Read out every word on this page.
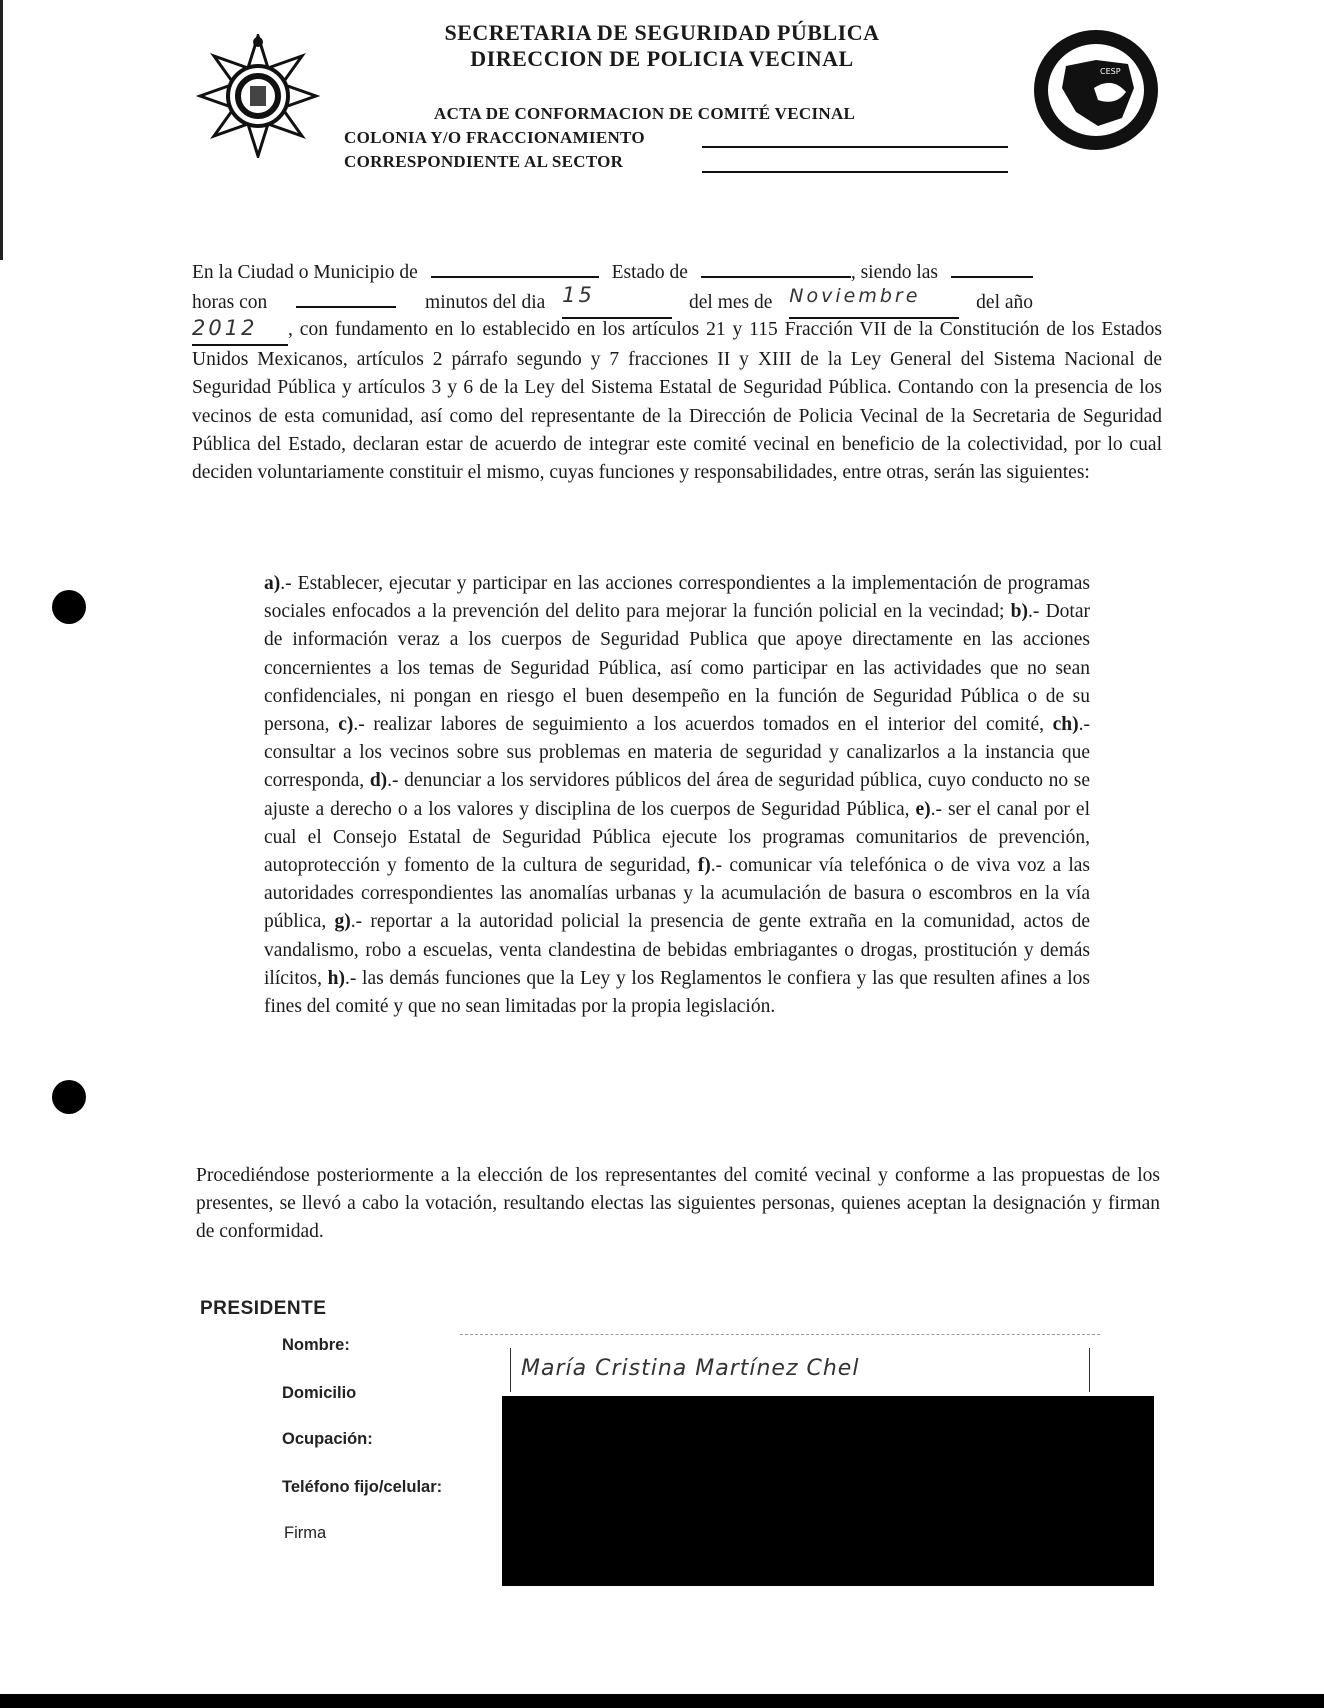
CESP
SECRETARIA DE SEGURIDAD PÚBLICA
DIRECCION DE POLICIA VECINAL
ACTA DE CONFORMACION DE COMITÉ VECINAL
COLONIA Y/O FRACCIONAMIENTO
CORRESPONDIENTE AL SECTOR
En la Ciudad o Municipio de	Estado de	, siendo las
horas con	minutos del dia 15	del mes de Noviembre	del año
2012 , con fundamento en lo establecido en los artículos 21 y 115 Fracción VII de la Constitución de los Estados Unidos Mexicanos, artículos 2 párrafo segundo y 7 fracciones II y XIII de la Ley General del Sistema Nacional de Seguridad Pública y artículos 3 y 6 de la Ley del Sistema Estatal de Seguridad Pública. Contando con la presencia de los vecinos de esta comunidad, así como del representante de la Dirección de Policia Vecinal de la Secretaria de Seguridad Pública del Estado, declaran estar de acuerdo de integrar este comité vecinal en beneficio de la colectividad, por lo cual deciden voluntariamente constituir el mismo, cuyas funciones y responsabilidades, entre otras, serán las siguientes:
a).- Establecer, ejecutar y participar en las acciones correspondientes a la implementación de programas sociales enfocados a la prevención del delito para mejorar la función policial en la vecindad; b).- Dotar de información veraz a los cuerpos de Seguridad Publica que apoye directamente en las acciones concernientes a los temas de Seguridad Pública, así como participar en las actividades que no sean confidenciales, ni pongan en riesgo el buen desempeño en la función de Seguridad Pública o de su persona, c).- realizar labores de seguimiento a los acuerdos tomados en el interior del comité, ch).- consultar a los vecinos sobre sus problemas en materia de seguridad y canalizarlos a la instancia que corresponda, d).- denunciar a los servidores públicos del área de seguridad pública, cuyo conducto no se ajuste a derecho o a los valores y disciplina de los cuerpos de Seguridad Pública, e).- ser el canal por el cual el Consejo Estatal de Seguridad Pública ejecute los programas comunitarios de prevención, autoprotección y fomento de la cultura de seguridad, f).- comunicar vía telefónica o de viva voz a las autoridades correspondientes las anomalías urbanas y la acumulación de basura o escombros en la vía pública, g).- reportar a la autoridad policial la presencia de gente extraña en la comunidad, actos de vandalismo, robo a escuelas, venta clandestina de bebidas embriagantes o drogas, prostitución y demás ilícitos, h).- las demás funciones que la Ley y los Reglamentos le confiera y las que resulten afines a los fines del comité y que no sean limitadas por la propia legislación.
Procediéndose posteriormente a la elección de los representantes del comité vecinal y conforme a las propuestas de los presentes, se llevó a cabo la votación, resultando electas las siguientes personas, quienes aceptan la designación y firman de conformidad.
PRESIDENTE
Nombre:
María Cristina Martínez Chel
Domicilio
Ocupación:
Teléfono fijo/celular:
Firma
